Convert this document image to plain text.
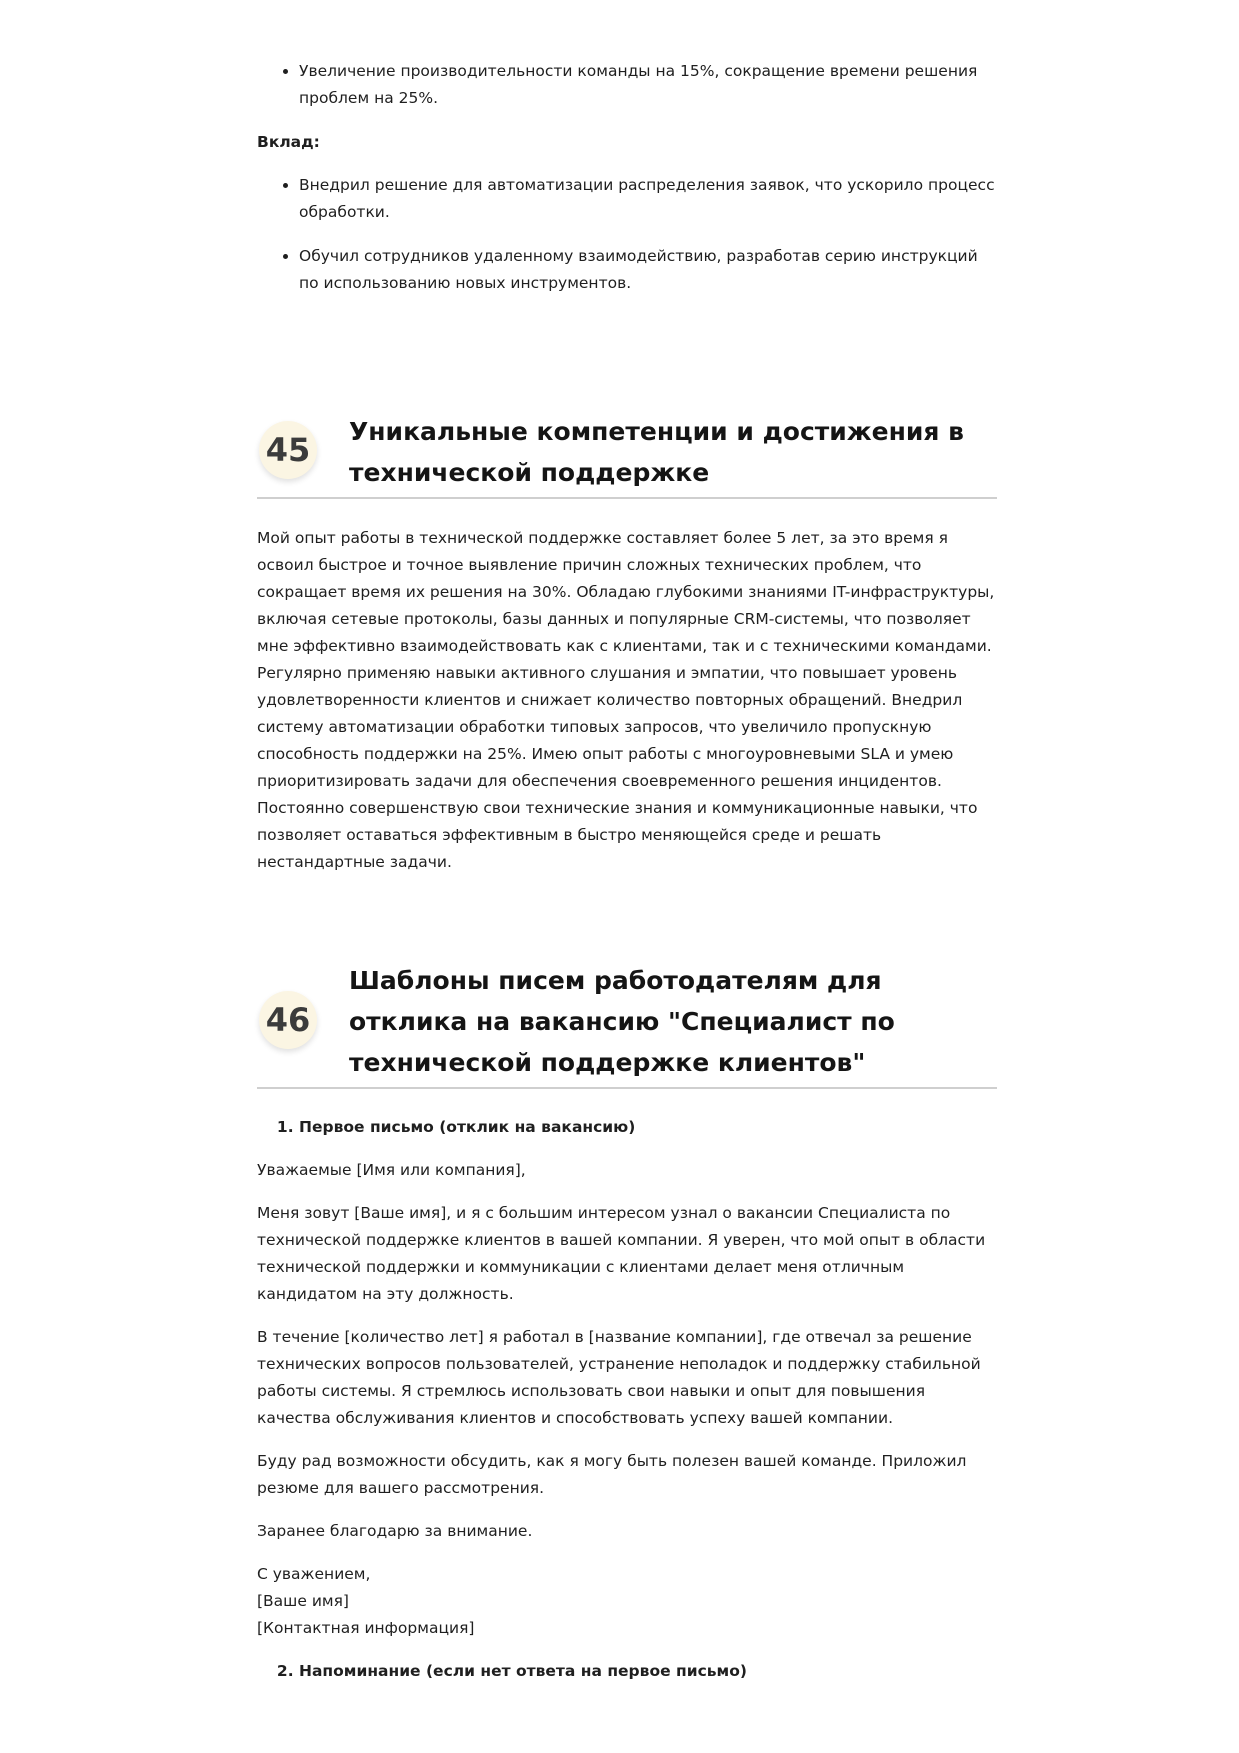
• Увеличение производительности команды на 15%, сокращение времени решения проблем на 25%.

Вклад:

• Внедрил решение для автоматизации распределения заявок, что ускорило процесс обработки.
• Обучил сотрудников удаленному взаимодействию, разработав серию инструкций по использованию новых инструментов.
45 Уникальные компетенции и достижения в технической поддержке

Мой опыт работы в технической поддержке составляет более 5 лет, за это время я освоил быстрое и точное выявление причин сложных технических проблем, что сокращает время их решения на 30%. Обладаю глубокими знаниями IT-инфраструктуры, включая сетевые протоколы, базы данных и популярные CRM-системы, что позволяет мне эффективно взаимодействовать как с клиентами, так и с техническими командами. Регулярно применяю навыки активного слушания и эмпатии, что повышает уровень удовлетворенности клиентов и снижает количество повторных обращений. Внедрил систему автоматизации обработки типовых запросов, что увеличило пропускную способность поддержки на 25%. Имею опыт работы с многоуровневыми SLA и умею приоритизировать задачи для обеспечения своевременного решения инцидентов. Постоянно совершенствую свои технические знания и коммуникационные навыки, что позволяет оставаться эффективным в быстро меняющейся среде и решать нестандартные задачи.

46
Шаблоны писем работодателям для отклика на вакансию "Специалист по технической поддержке клиентов"
1. Первое письмо (отклик на вакансию)

Уважаемые [Имя или компания],

Меня зовут [Ваше имя], и я с большим интересом узнал о вакансии Специалиста по технической поддержке клиентов в вашей компании. Я уверен, что мой опыт в области технической поддержки и коммуникации с клиентами делает меня отличным кандидатом на эту должность.

В течение [количество лет] я работал в [название компании], где отвечал за решение технических вопросов пользователей, устранение неполадок и поддержку стабильной работы системы. Я стремлюсь использовать свои навыки и опыт для повышения качества обслуживания клиентов и способствовать успеху вашей компании.

Буду рад возможности обсудить, как я могу быть полезен вашей команде. Приложил резюме для вашего рассмотрения.

Заранее благодарю за внимание.

С уважением,
[Ваше имя]
[Контактная информация]

2. Напоминание (если нет ответа на первое письмо)
